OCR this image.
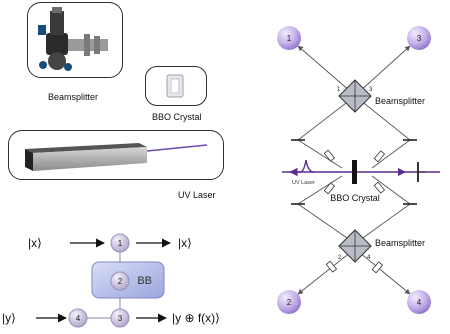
Beamsplitter
BBO Crystal
UV Laser
BB
|x⟩	|x⟩
|y⟩	|y ⊕ f(x)⟩
1
2
3
4
BBO Crystal
UV Laser
Beamsplitter
1	3
Beamsplitter
2	4
1	3
2	4
